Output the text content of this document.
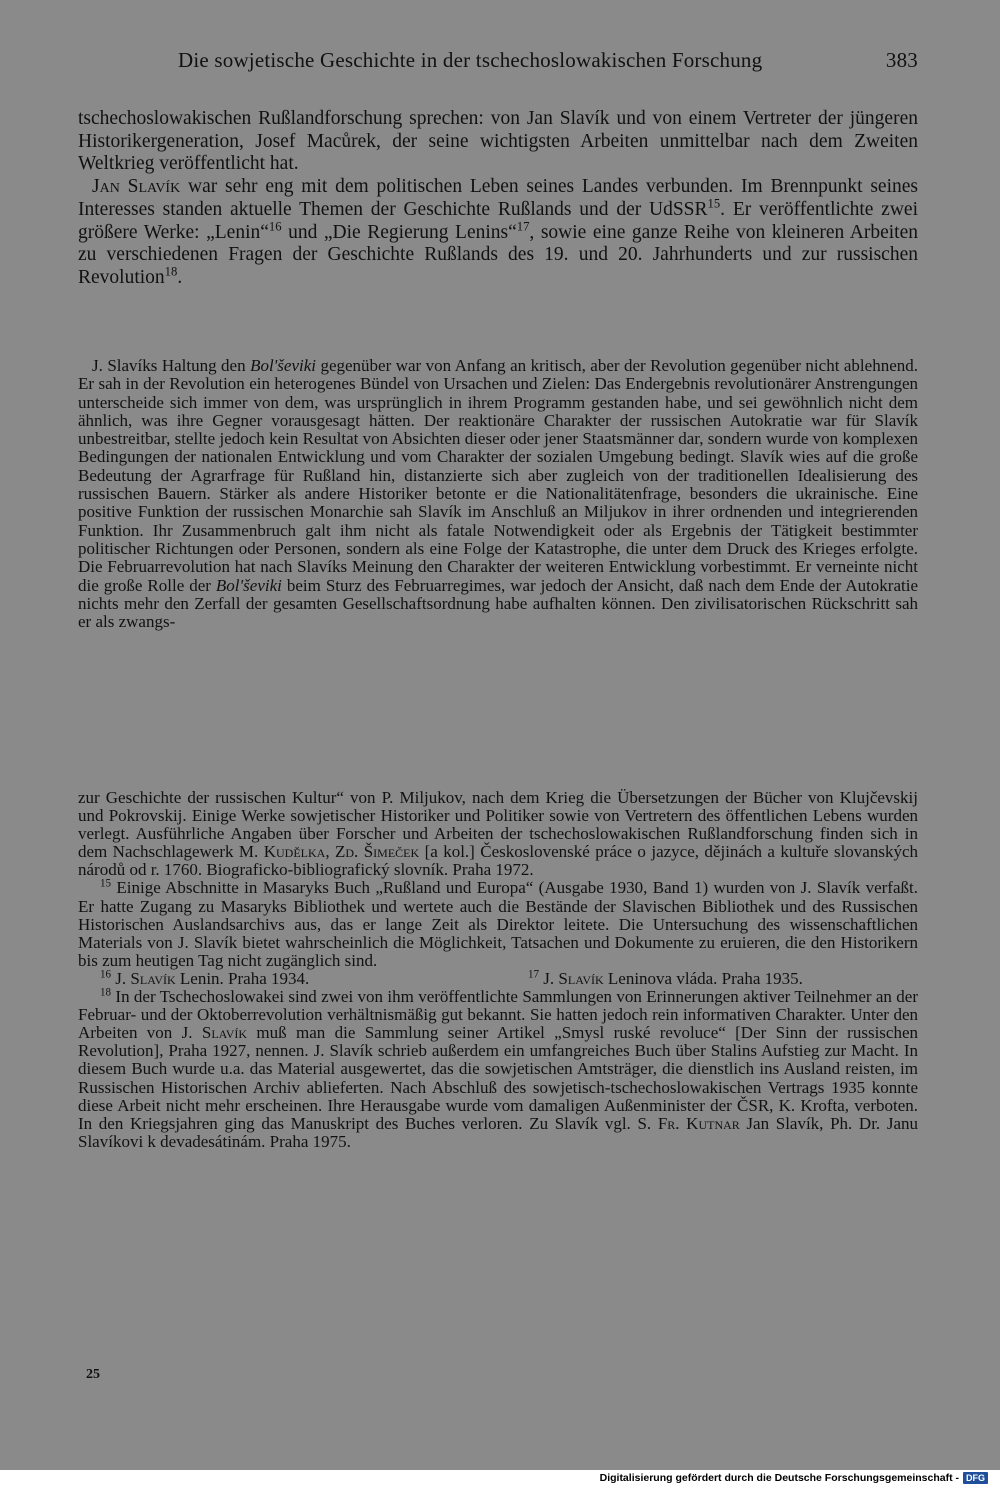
Die sowjetische Geschichte in der tschechoslowakischen Forschung	383

tschechoslowakischen Rußlandforschung sprechen: von Jan Slavík und von einem Vertreter der jüngeren Historikergeneration, Josef Macůrek, der seine wichtigsten Arbeiten unmittelbar nach dem Zweiten Weltkrieg veröffentlicht hat.

Jan Slavík war sehr eng mit dem politischen Leben seines Landes verbunden. Im Brennpunkt seines Interesses standen aktuelle Themen der Geschichte Rußlands und der UdSSR$^{15}$. Er veröffentlichte zwei größere Werke: „Lenin“$^{16}$ und „Die Regierung Lenins“$^{17}$, sowie eine ganze Reihe von kleineren Arbeiten zu verschiedenen Fragen der Geschichte Rußlands des 19. und 20. Jahrhunderts und zur russischen Revolution$^{18}$.

J. Slavíks Haltung den Bol'ševiki gegenüber war von Anfang an kritisch, aber der Revolution gegenüber nicht ablehnend. Er sah in der Revolution ein heterogenes Bündel von Ursachen und Zielen: Das Endergebnis revolutionärer Anstrengungen unterscheide sich immer von dem, was ursprünglich in ihrem Programm gestanden habe, und sei gewöhnlich nicht dem ähnlich, was ihre Gegner vorausgesagt hätten. Der reaktionäre Charakter der russischen Autokratie war für Slavík unbestreitbar, stellte jedoch kein Resultat von Absichten dieser oder jener Staatsmänner dar, sondern wurde von komplexen Bedingungen der nationalen Entwicklung und vom Charakter der sozialen Umgebung bedingt. Slavík wies auf die große Bedeutung der Agrarfrage für Rußland hin, distanzierte sich aber zugleich von der traditionellen Idealisierung des russischen Bauern. Stärker als andere Historiker betonte er die Nationalitätenfrage, besonders die ukrainische. Eine positive Funktion der russischen Monarchie sah Slavík im Anschluß an Miljukov in ihrer ordnenden und integrierenden Funktion. Ihr Zusammenbruch galt ihm nicht als fatale Notwendigkeit oder als Ergebnis der Tätigkeit bestimmter politischer Richtungen oder Personen, sondern als eine Folge der Katastrophe, die unter dem Druck des Krieges erfolgte. Die Februarrevolution hat nach Slavíks Meinung den Charakter der weiteren Entwicklung vorbestimmt. Er verneinte nicht die große Rolle der Bol'ševiki beim Sturz des Februarregimes, war jedoch der Ansicht, daß nach dem Ende der Autokratie nichts mehr den Zerfall der gesamten Gesellschaftsordnung habe aufhalten können. Den zivilisatorischen Rückschritt sah er als zwangs-

zur Geschichte der russischen Kultur“ von P. Miljukov, nach dem Krieg die Übersetzungen der Bücher von Klujčevskij und Pokrovskij. Einige Werke sowjetischer Historiker und Politiker sowie von Vertretern des öffentlichen Lebens wurden verlegt. Ausführliche Angaben über Forscher und Arbeiten der tschechoslowakischen Rußlandforschung finden sich in dem Nachschlagewerk M. Kudělka, Zd. Šimeček [a kol.] Československé práce o jazyce, dějinách a kultuře slovanských národů od r. 1760. Biograficko-bibliografický slovník. Praha 1972.

$^{15}$ Einige Abschnitte in Masaryks Buch „Rußland und Europa“ (Ausgabe 1930, Band 1) wurden von J. Slavík verfaßt. Er hatte Zugang zu Masaryks Bibliothek und wertete auch die Bestände der Slavischen Bibliothek und des Russischen Historischen Auslandsarchivs aus, das er lange Zeit als Direktor leitete. Die Untersuchung des wissenschaftlichen Materials von J. Slavík bietet wahrscheinlich die Möglichkeit, Tatsachen und Dokumente zu eruieren, die den Historikern bis zum heutigen Tag nicht zugänglich sind.

$^{16}$ J. Slavík Lenin. Praha 1934.	$^{17}$ J. Slavík Leninova vláda. Praha 1935.

$^{18}$ In der Tschechoslowakei sind zwei von ihm veröffentlichte Sammlungen von Erinnerungen aktiver Teilnehmer an der Februar- und der Oktoberrevolution verhältnismäßig gut bekannt. Sie hatten jedoch rein informativen Charakter. Unter den Arbeiten von J. Slavík muß man die Sammlung seiner Artikel „Smysl ruské revoluce“ [Der Sinn der russischen Revolution], Praha 1927, nennen. J. Slavík schrieb außerdem ein umfangreiches Buch über Stalins Aufstieg zur Macht. In diesem Buch wurde u.a. das Material ausgewertet, das die sowjetischen Amtsträger, die dienstlich ins Ausland reisten, im Russischen Historischen Archiv ablieferten. Nach Abschluß des sowjetisch-tschechoslowakischen Vertrags 1935 konnte diese Arbeit nicht mehr erscheinen. Ihre Herausgabe wurde vom damaligen Außenminister der ČSR, K. Krofta, verboten. In den Kriegsjahren ging das Manuskript des Buches verloren. Zu Slavík vgl. S. Fr. Kutnar Jan Slavík, Ph. Dr. Janu Slavíkovi k devadesátinám. Praha 1975.

25
Digitalisierung gefördert durch die Deutsche Forschungsgemeinschaft - DFG
